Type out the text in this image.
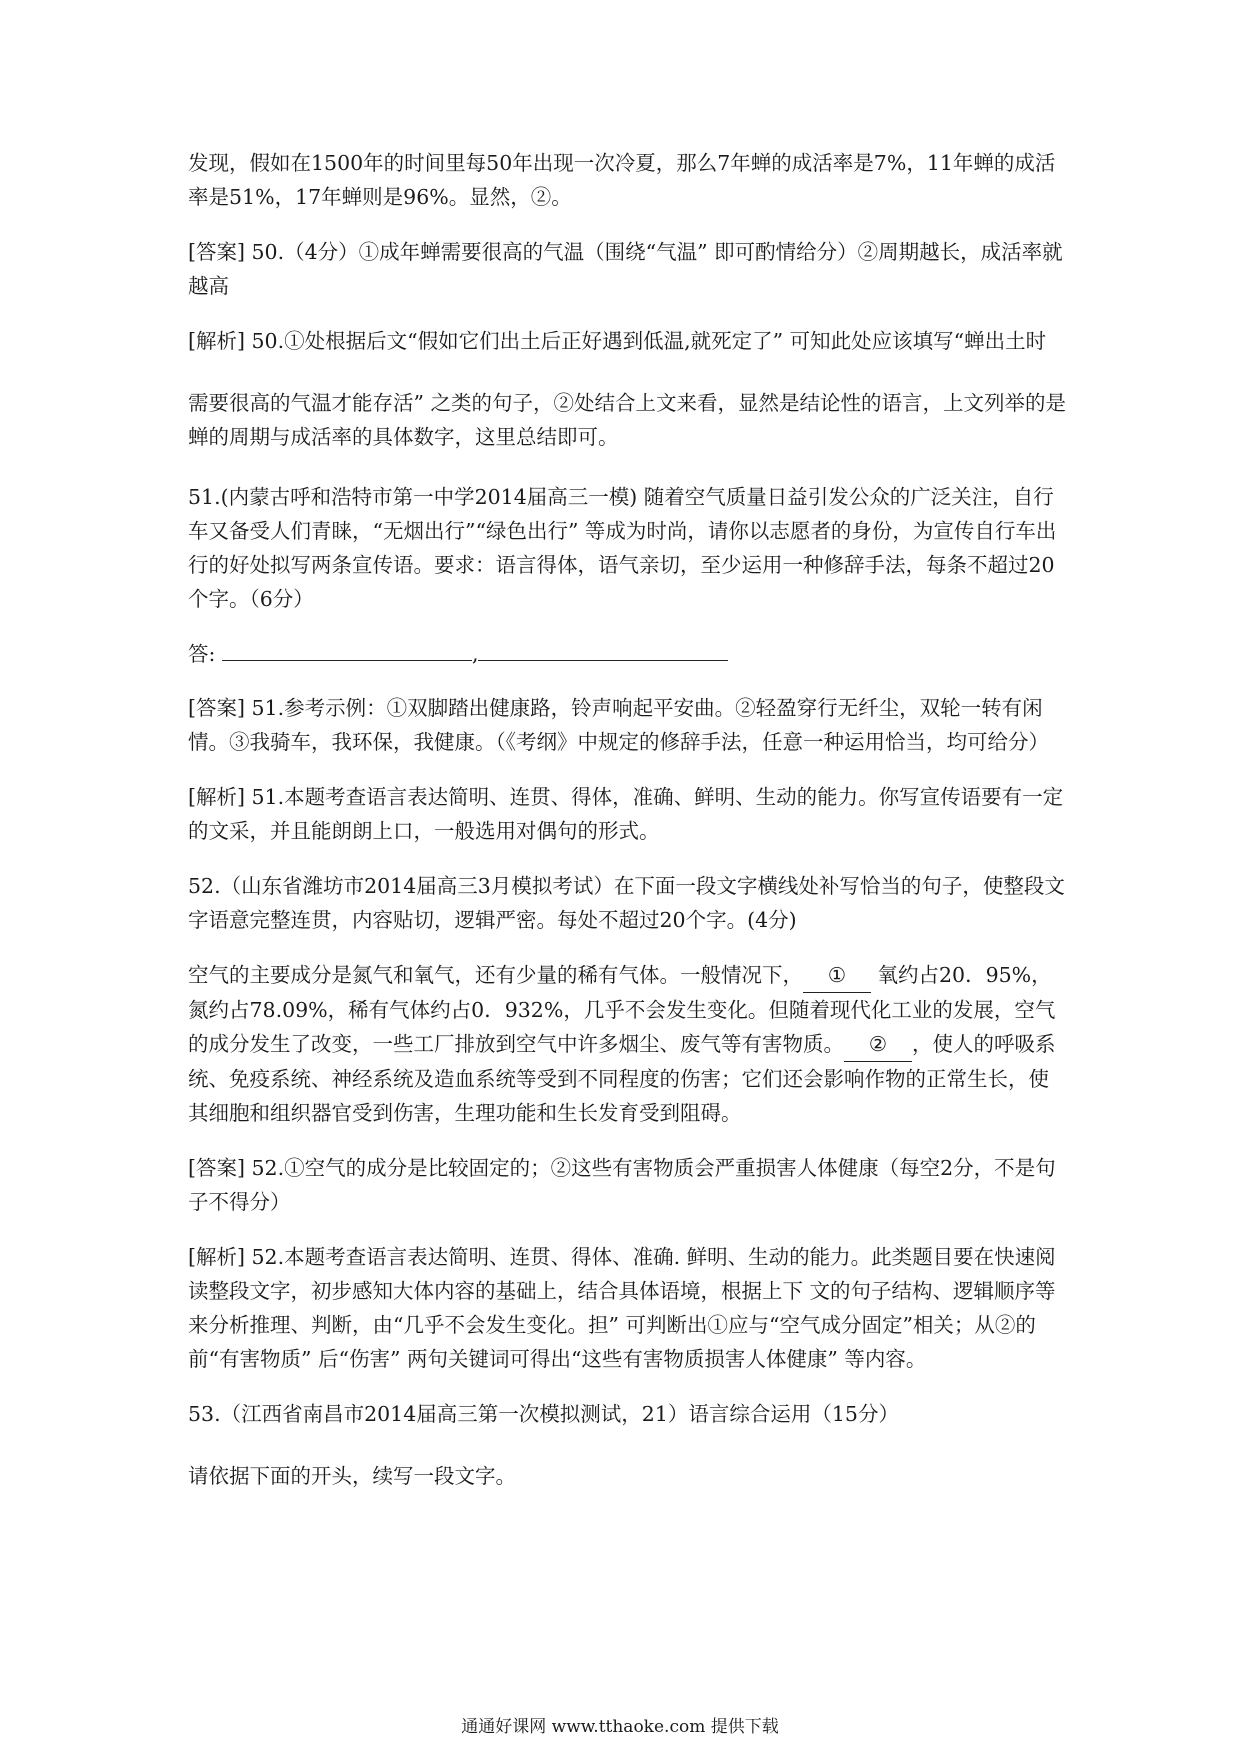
发现，假如在1500年的时间里每50年出现一次冷夏，那么7年蝉的成活率是7%，11年蝉的成活率是51%，17年蝉则是96%。显然，②。

[答案] 50.（4分）①成年蝉需要很高的气温（围绕“气温” 即可酌情给分）②周期越长，成活率就越高

[解析] 50.①处根据后文“假如它们出土后正好遇到低温,就死定了” 可知此处应该填写“蝉出土时

需要很高的气温才能存活” 之类的句子，②处结合上文来看，显然是结论性的语言，上文列举的是蝉的周期与成活率的具体数字，这里总结即可。

51.(内蒙古呼和浩特市第一中学2014届高三一模) 随着空气质量日益引发公众的广泛关注，自行车又备受人们青睐，“无烟出行”“绿色出行” 等成为时尚，请你以志愿者的身份，为宣传自行车出行的好处拟写两条宣传语。要求：语言得体，语气亲切，至少运用一种修辞手法，每条不超过20个字。（6分）

答:	,

[答案] 51.参考示例：①双脚踏出健康路，铃声响起平安曲。②轻盈穿行无纤尘，双轮一转有闲情。③我骑车，我环保，我健康。（《考纲》中规定的修辞手法，任意一种运用恰当，均可给分）

[解析] 51.本题考查语言表达简明、连贯、得体，准确、鲜明、生动的能力。你写宣传语要有一定的文采，并且能朗朗上口，一般选用对偶句的形式。

52.（山东省潍坊市2014届高三3月模拟考试）在下面一段文字横线处补写恰当的句子，使整段文字语意完整连贯，内容贴切，逻辑严密。每处不超过20个字。(4分)

空气的主要成分是氮气和氧气，还有少量的稀有气体。一般情况下， ① 氧约占20．95%，氮约占78.09%，稀有气体约占0．932%，几乎不会发生变化。但随着现代化工业的发展，空气的成分发生了改变，一些工厂排放到空气中许多烟尘、废气等有害物质。 ② ，使人的呼吸系统、免疫系统、神经系统及造血系统等受到不同程度的伤害；它们还会影响作物的正常生长，使其细胞和组织器官受到伤害，生理功能和生长发育受到阻碍。

[答案] 52.①空气的成分是比较固定的；②这些有害物质会严重损害人体健康（每空2分，不是句子不得分）

[解析] 52.本题考查语言表达简明、连贯、得体、准确. 鲜明、生动的能力。此类题目要在快速阅读整段文字，初步感知大体内容的基础上，结合具体语境，根据上下 文的句子结构、逻辑顺序等来分析推理、判断，由“几乎不会发生变化。担” 可判断出①应与“空气成分固定”相关；从②的前“有害物质” 后“伤害” 两句关键词可得出“这些有害物质损害人体健康” 等内容。

53.（江西省南昌市2014届高三第一次模拟测试，21）语言综合运用（15分）

请依据下面的开头，续写一段文字。

通通好课网 www.tthaoke.com 提供下载
